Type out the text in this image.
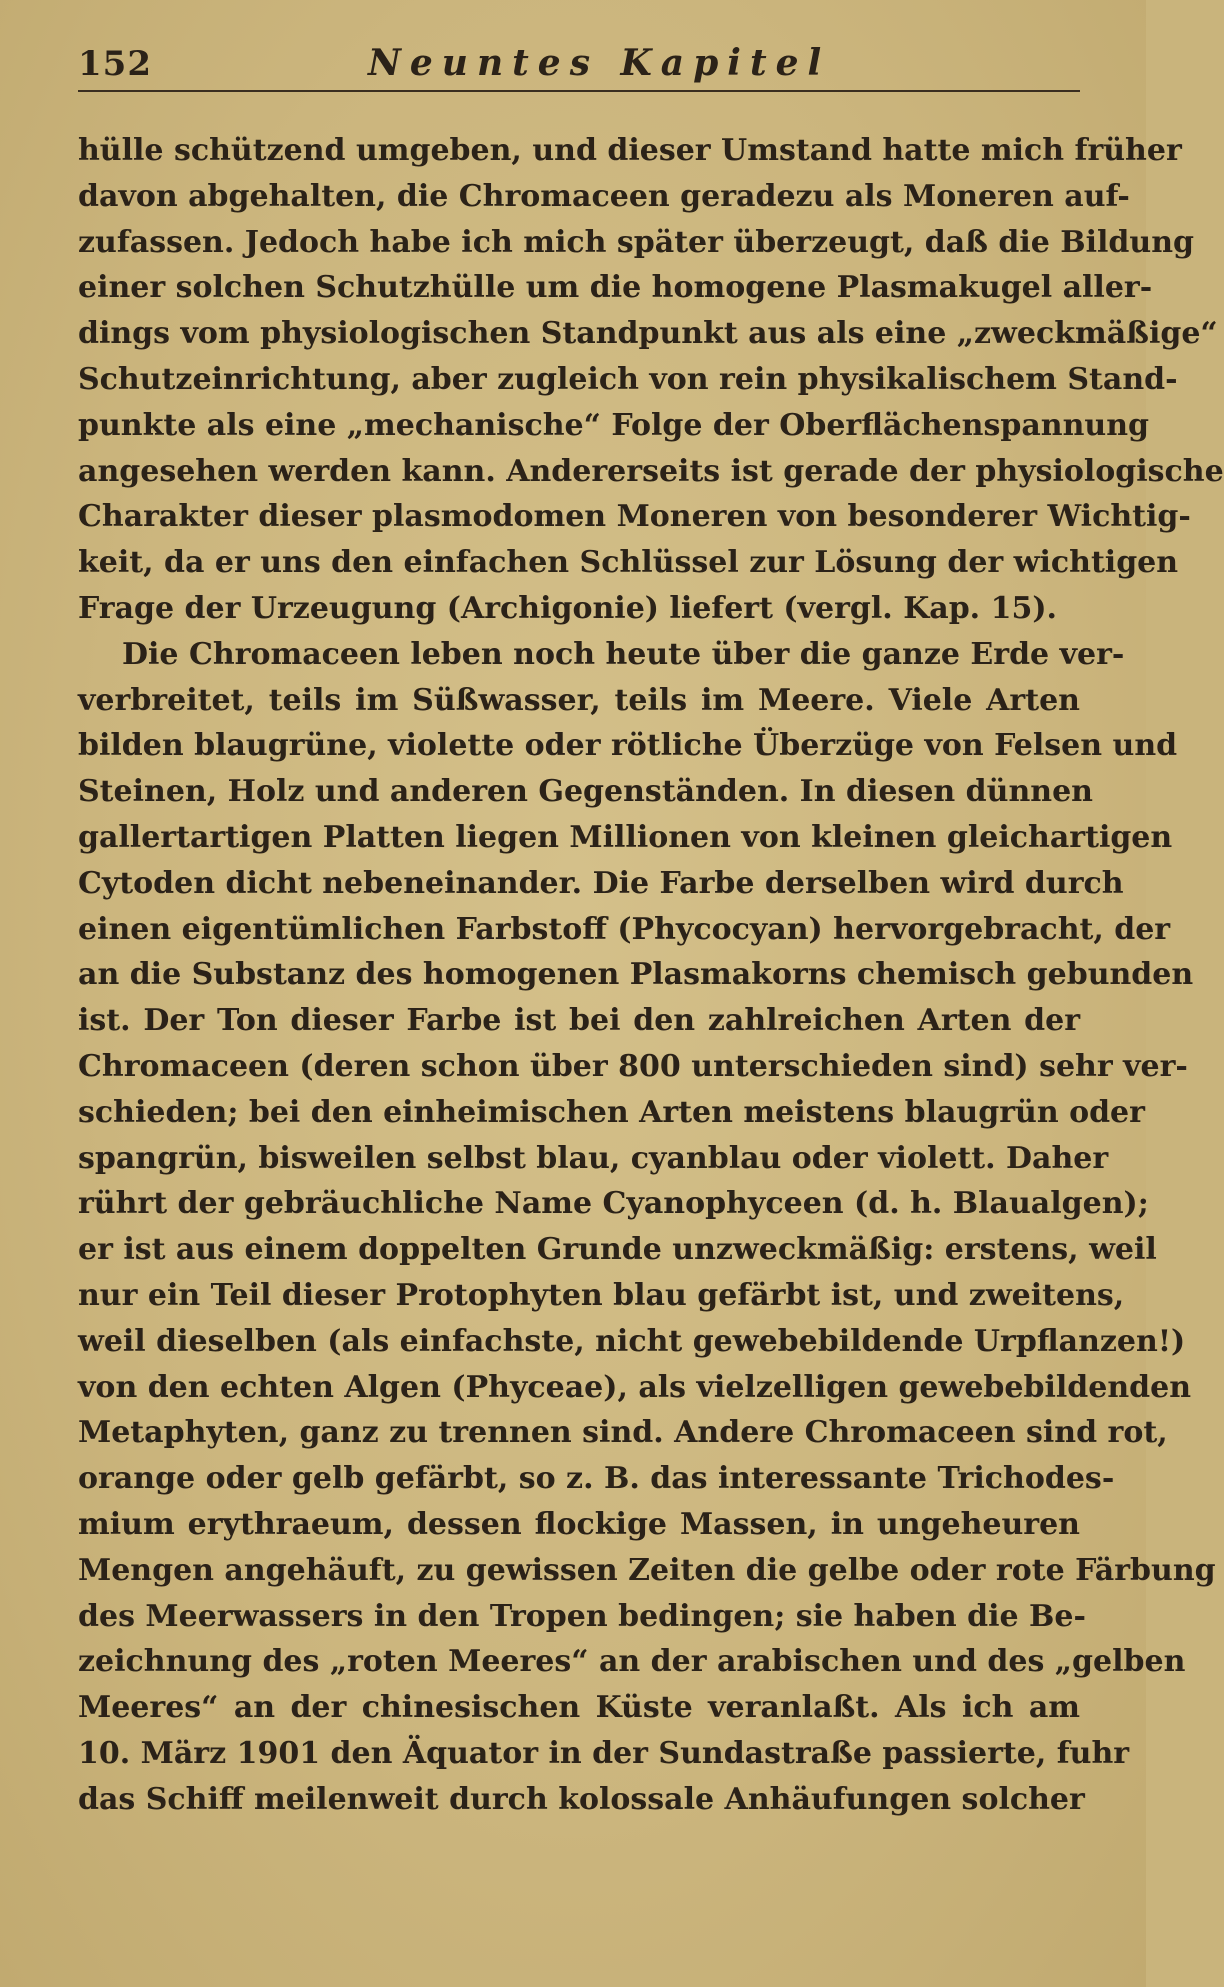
152	Neuntes Kapitel
hülle schützend umgeben, und dieser Umstand hatte mich früher
davon abgehalten, die Chromaceen geradezu als Moneren auf-
zufassen. Jedoch habe ich mich später überzeugt, daß die Bildung
einer solchen Schutzhülle um die homogene Plasmakugel aller-
dings vom physiologischen Standpunkt aus als eine „zweckmäßige“
Schutzeinrichtung, aber zugleich von rein physikalischem Stand-
punkte als eine „mechanische“ Folge der Oberflächenspannung
angesehen werden kann. Andererseits ist gerade der physiologische
Charakter dieser plasmodomen Moneren von besonderer Wichtig-
keit, da er uns den einfachen Schlüssel zur Lösung der wichtigen
Frage der Urzeugung (Archigonie) liefert (vergl. Kap. 15).
Die Chromaceen leben noch heute über die ganze Erde ver-
verbreitet, teils im Süßwasser, teils im Meere. Viele Arten
bilden blaugrüne, violette oder rötliche Überzüge von Felsen und
Steinen, Holz und anderen Gegenständen. In diesen dünnen
gallertartigen Platten liegen Millionen von kleinen gleichartigen
Cytoden dicht nebeneinander. Die Farbe derselben wird durch
einen eigentümlichen Farbstoff (Phycocyan) hervorgebracht, der
an die Substanz des homogenen Plasmakorns chemisch gebunden
ist. Der Ton dieser Farbe ist bei den zahlreichen Arten der
Chromaceen (deren schon über 800 unterschieden sind) sehr ver-
schieden; bei den einheimischen Arten meistens blaugrün oder
spangrün, bisweilen selbst blau, cyanblau oder violett. Daher
rührt der gebräuchliche Name Cyanophyceen (d. h. Blaualgen);
er ist aus einem doppelten Grunde unzweckmäßig: erstens, weil
nur ein Teil dieser Protophyten blau gefärbt ist, und zweitens,
weil dieselben (als einfachste, nicht gewebebildende Urpflanzen!)
von den echten Algen (Phyceae), als vielzelligen gewebebildenden
Metaphyten, ganz zu trennen sind. Andere Chromaceen sind rot,
orange oder gelb gefärbt, so z. B. das interessante Trichodes-
mium erythraeum, dessen flockige Massen, in ungeheuren
Mengen angehäuft, zu gewissen Zeiten die gelbe oder rote Färbung
des Meerwassers in den Tropen bedingen; sie haben die Be-
zeichnung des „roten Meeres“ an der arabischen und des „gelben
Meeres“ an der chinesischen Küste veranlaßt. Als ich am
10. März 1901 den Äquator in der Sundastraße passierte, fuhr
das Schiff meilenweit durch kolossale Anhäufungen solcher
